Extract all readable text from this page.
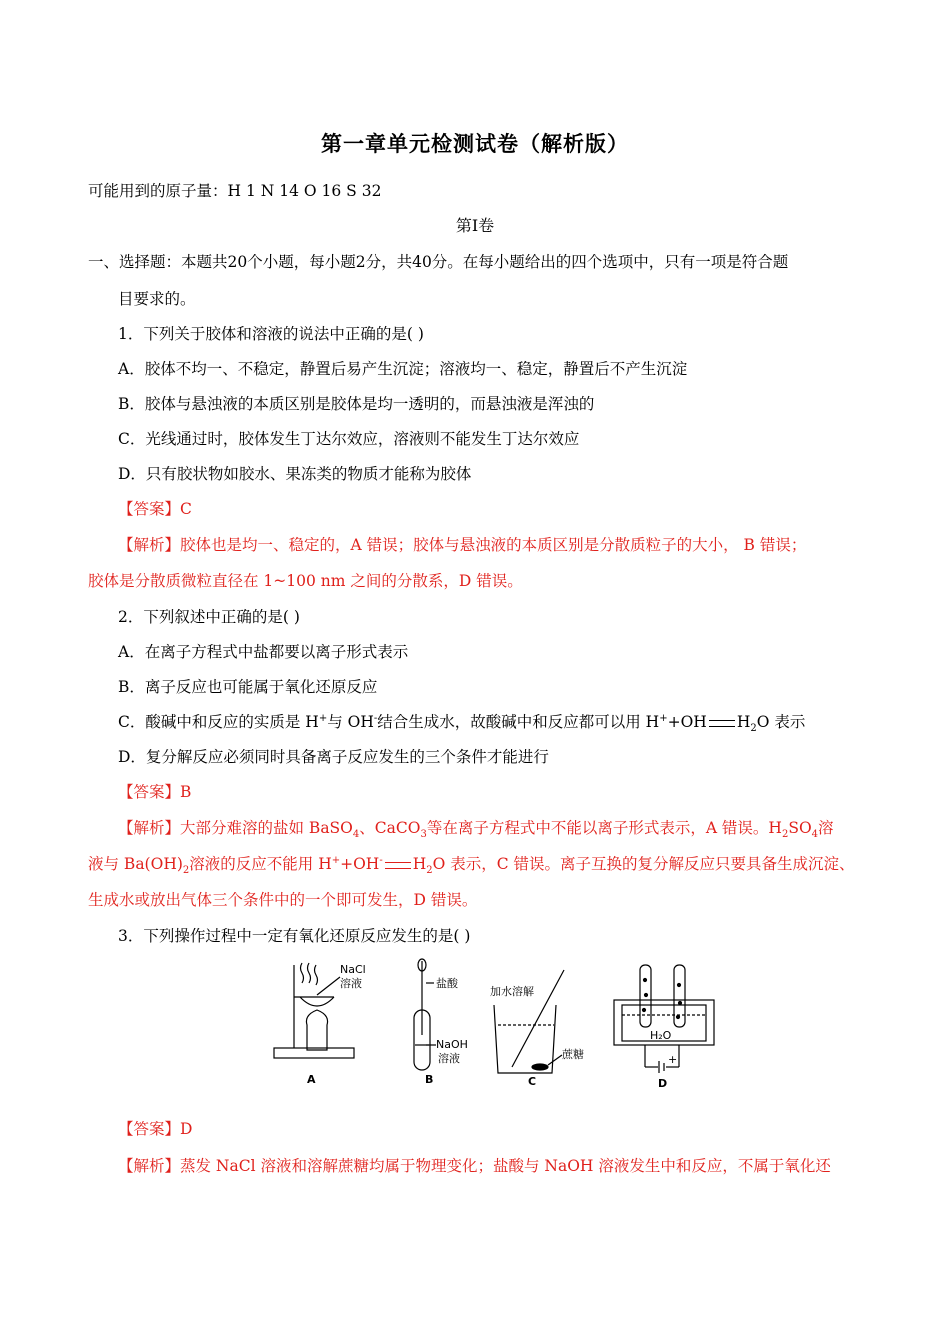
第一章单元检测试卷（解析版）
可能用到的原子量：H 1 N 14 O 16 S 32
第Ⅰ卷
一、选择题：本题共20个小题，每小题2分，共40分。在每小题给出的四个选项中，只有一项是符合题
目要求的。
1．下列关于胶体和溶液的说法中正确的是( )
A．胶体不均一、不稳定，静置后易产生沉淀；溶液均一、稳定，静置后不产生沉淀
B．胶体与悬浊液的本质区别是胶体是均一透明的，而悬浊液是浑浊的
C．光线通过时，胶体发生丁达尔效应，溶液则不能发生丁达尔效应
D．只有胶状物如胶水、果冻类的物质才能称为胶体
【答案】C
【解析】胶体也是均一、稳定的，A 错误；胶体与悬浊液的本质区别是分散质粒子的大小， B 错误；
胶体是分散质微粒直径在 1~100 nm 之间的分散系，D 错误。
2．下列叙述中正确的是( )
A．在离子方程式中盐都要以离子形式表示
B．离子反应也可能属于氧化还原反应
C．酸碱中和反应的实质是 H+与 OH-结合生成水，故酸碱中和反应都可以用 H++OH $H_2O$ 表示
D．复分解反应必须同时具备离子反应发生的三个条件才能进行
【答案】B
【解析】大部分难溶的盐如 BaSO$_4$、CaCO$_3$等在离子方程式中不能以离子形式表示，A 错误。$H_2SO_4$溶
液与 $Ba(OH)_2$溶液的反应不能用 H++OH- $H_2O$ 表示，C 错误。离子互换的复分解反应只要具备生成沉淀、
生成水或放出气体三个条件中的一个即可发生，D 错误。
3．下列操作过程中一定有氧化还原反应发生的是( )
NaCl
溶液
A
盐酸
NaOH
溶液
B
加水溶解
蔗糖
C
H₂O
+
D
【答案】D
【解析】蒸发 NaCl 溶液和溶解蔗糖均属于物理变化；盐酸与 NaOH 溶液发生中和反应，不属于氧化还
